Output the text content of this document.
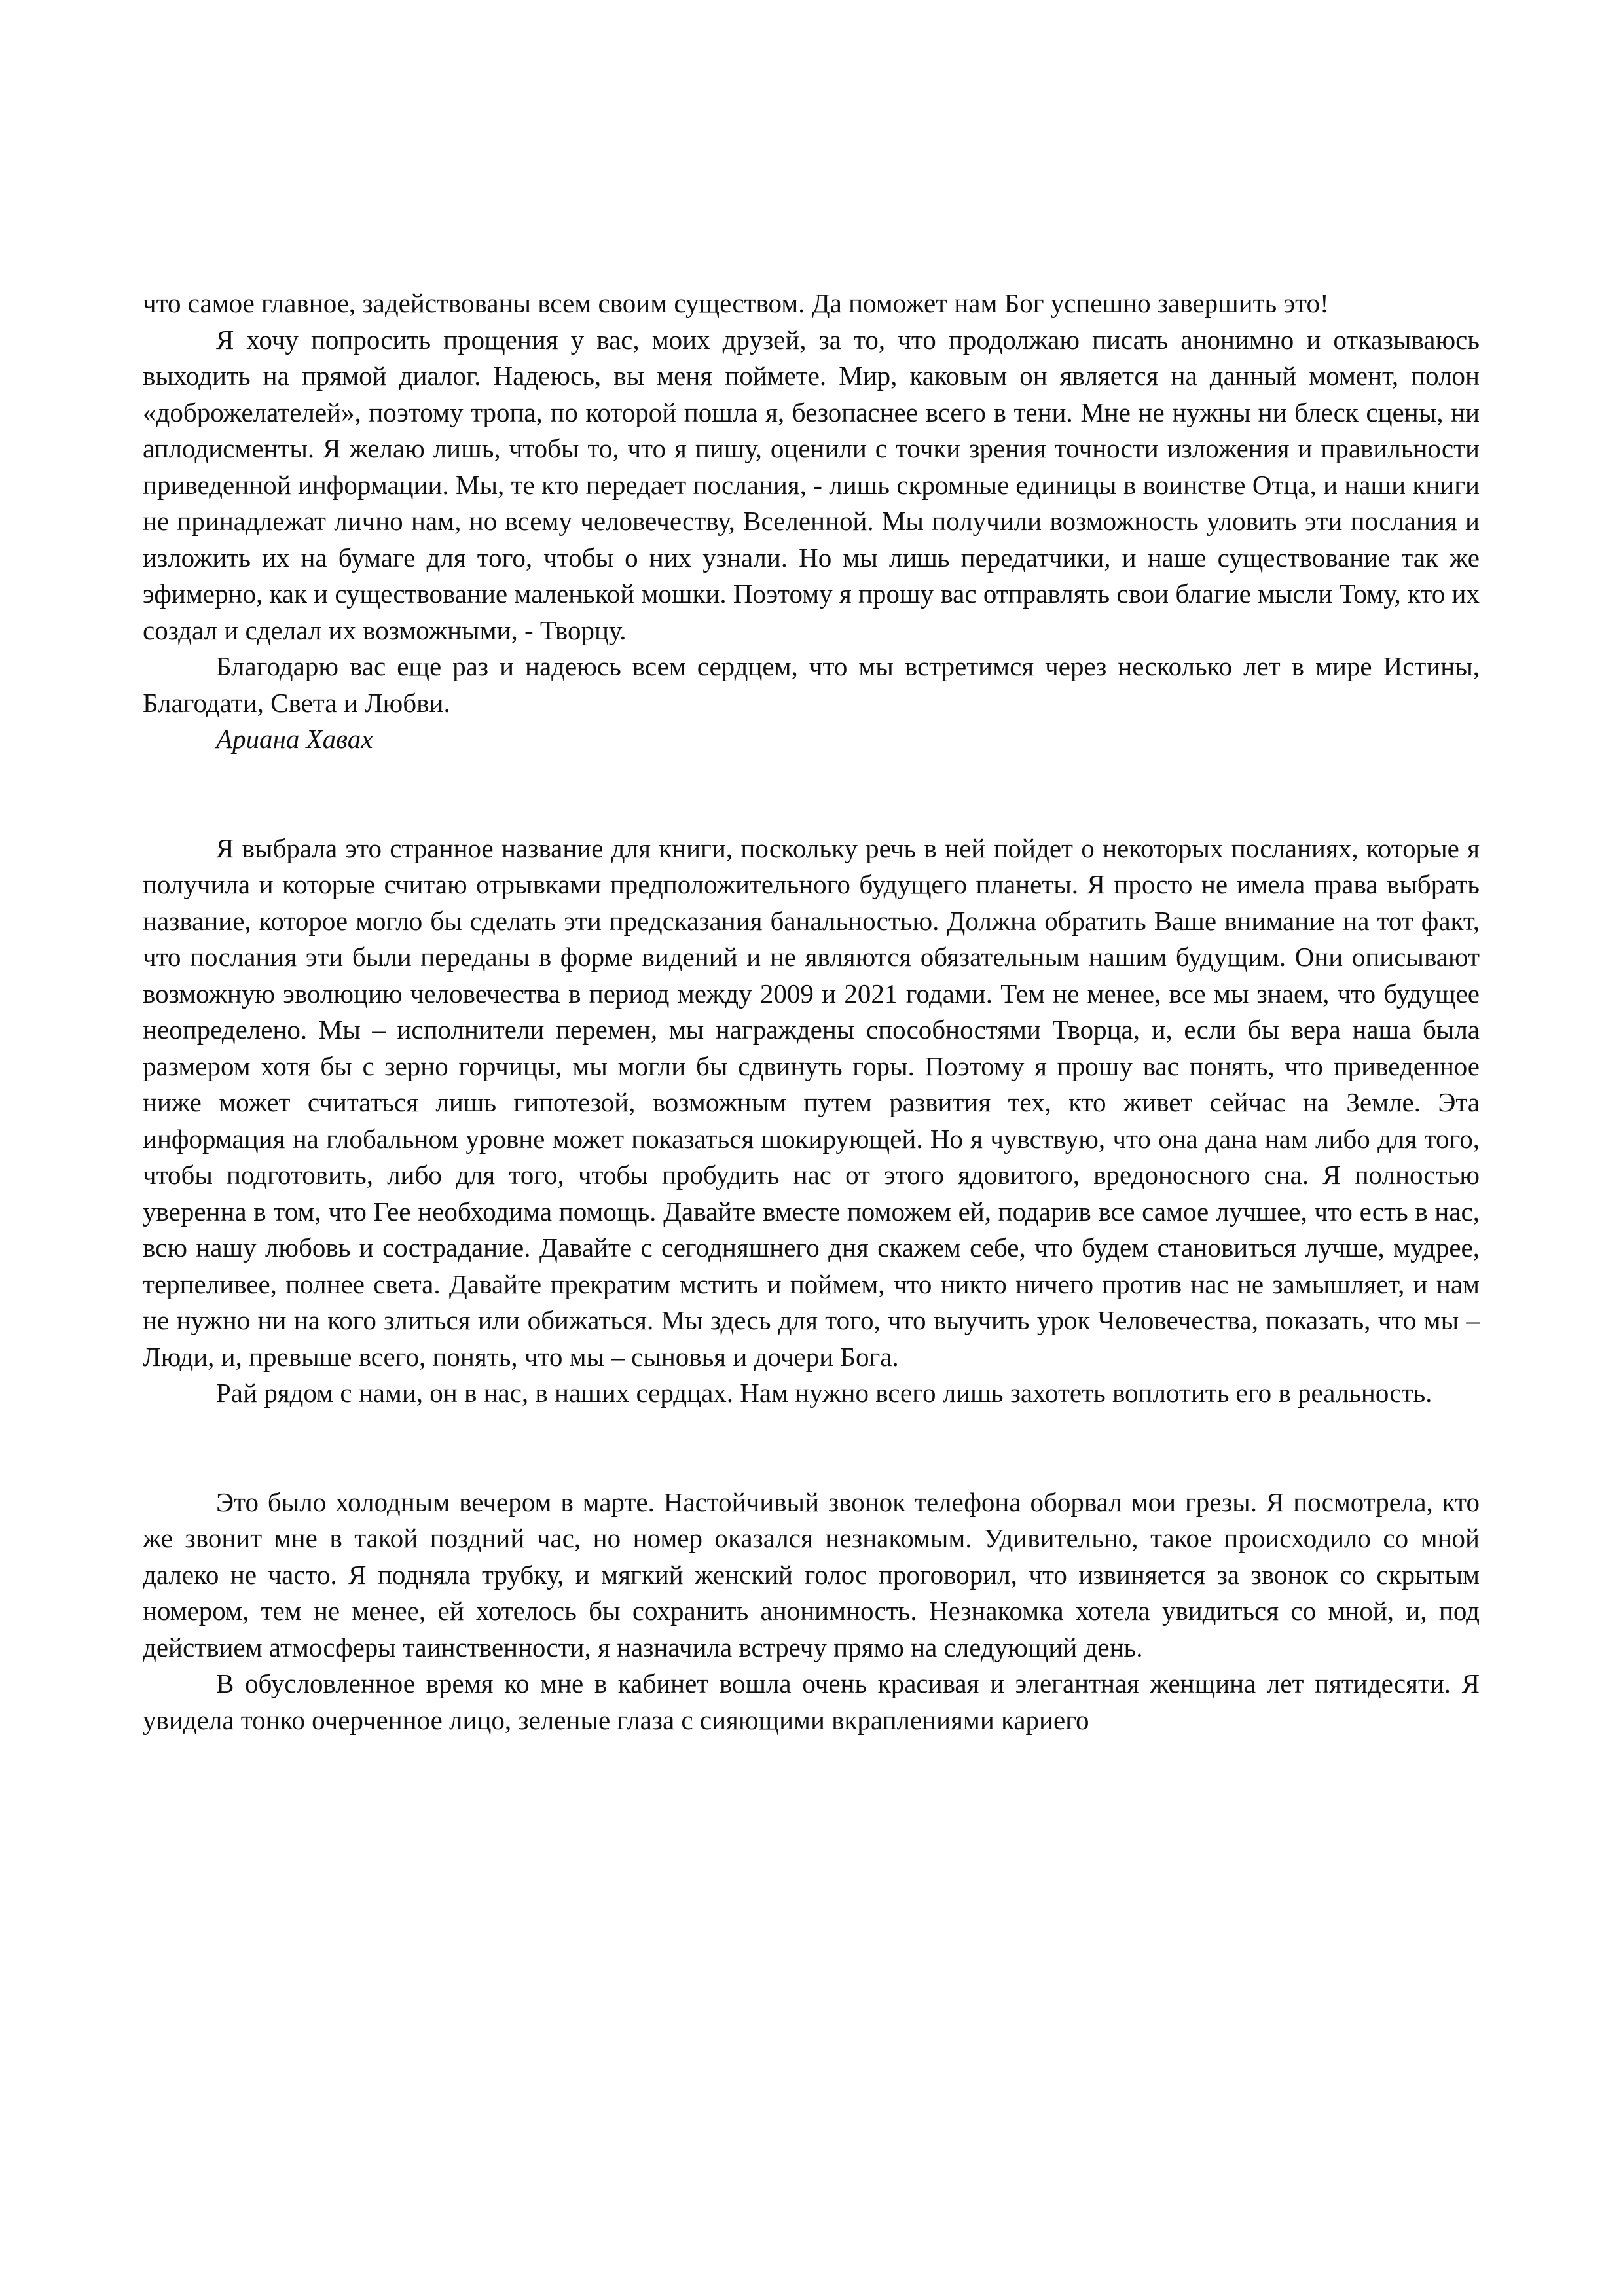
что самое главное, задействованы всем своим существом. Да поможет нам Бог успешно завершить это!

Я хочу попросить прощения у вас, моих друзей, за то, что продолжаю писать анонимно и отказываюсь выходить на прямой диалог. Надеюсь, вы меня поймете. Мир, каковым он является на данный момент, полон «доброжелателей», поэтому тропа, по которой пошла я, безопаснее всего в тени. Мне не нужны ни блеск сцены, ни аплодисменты. Я желаю лишь, чтобы то, что я пишу, оценили с точки зрения точности изложения и правильности приведенной информации. Мы, те кто передает послания, - лишь скромные единицы в воинстве Отца, и наши книги не принадлежат лично нам, но всему человечеству, Вселенной. Мы получили возможность уловить эти послания и изложить их на бумаге для того, чтобы о них узнали. Но мы лишь передатчики, и наше существование так же эфимерно, как и существование маленькой мошки. Поэтому я прошу вас отправлять свои благие мысли Тому, кто их создал и сделал их возможными, - Творцу.

Благодарю вас еще раз и надеюсь всем сердцем, что мы встретимся через несколько лет в мире Истины, Благодати, Света и Любви.

Ариана Хавах

Я выбрала это странное название для книги, поскольку речь в ней пойдет о некоторых посланиях, которые я получила и которые считаю отрывками предположительного будущего планеты. Я просто не имела права выбрать название, которое могло бы сделать эти предсказания банальностью. Должна обратить Ваше внимание на тот факт, что послания эти были переданы в форме видений и не являются обязательным нашим будущим. Они описывают возможную эволюцию человечества в период между 2009 и 2021 годами. Тем не менее, все мы знаем, что будущее неопределено. Мы – исполнители перемен, мы награждены способностями Творца, и, если бы вера наша была размером хотя бы с зерно горчицы, мы могли бы сдвинуть горы. Поэтому я прошу вас понять, что приведенное ниже может считаться лишь гипотезой, возможным путем развития тех, кто живет сейчас на Земле. Эта информация на глобальном уровне может показаться шокирующей. Но я чувствую, что она дана нам либо для того, чтобы подготовить, либо для того, чтобы пробудить нас от этого ядовитого, вредоносного сна. Я полностью уверенна в том, что Гее необходима помощь. Давайте вместе поможем ей, подарив все самое лучшее, что есть в нас, всю нашу любовь и сострадание. Давайте с сегодняшнего дня скажем себе, что будем становиться лучше, мудрее, терпеливее, полнее света. Давайте прекратим мстить и поймем, что никто ничего против нас не замышляет, и нам не нужно ни на кого злиться или обижаться. Мы здесь для того, что выучить урок Человечества, показать, что мы – Люди, и, превыше всего, понять, что мы – сыновья и дочери Бога.

Рай рядом с нами, он в нас, в наших сердцах. Нам нужно всего лишь захотеть воплотить его в реальность.

Это было холодным вечером в марте. Настойчивый звонок телефона оборвал мои грезы. Я посмотрела, кто же звонит мне в такой поздний час, но номер оказался незнакомым. Удивительно, такое происходило со мной далеко не часто. Я подняла трубку, и мягкий женский голос проговорил, что извиняется за звонок со скрытым номером, тем не менее, ей хотелось бы сохранить анонимность. Незнакомка хотела увидиться со мной, и, под действием атмосферы таинственности, я назначила встречу прямо на следующий день.

В обусловленное время ко мне в кабинет вошла очень красивая и элегантная женщина лет пятидесяти. Я увидела тонко очерченное лицо, зеленые глаза с сияющими вкраплениями кариего
